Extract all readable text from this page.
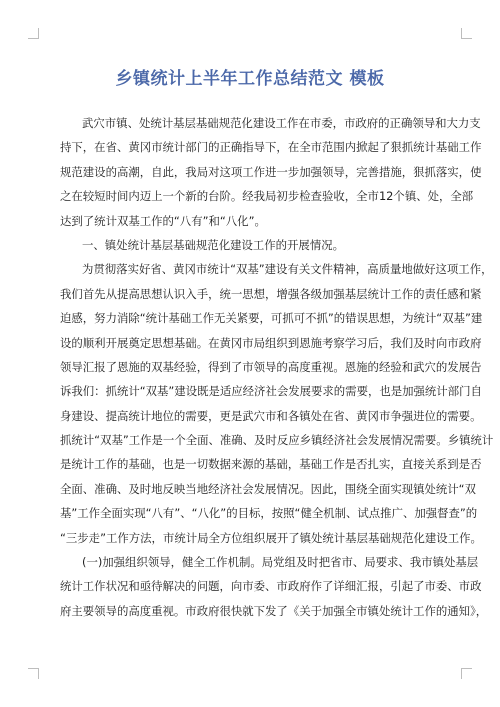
乡镇统计上半年工作总结范文 模板
武穴市镇、处统计基层基础规范化建设工作在市委，市政府的正确领导和大力支
持下，在省、黄冈市统计部门的正确指导下，在全市范围内掀起了狠抓统计基础工作
规范建设的高潮，自此，我局对这项工作进一步加强领导，完善措施，狠抓落实，使
之在较短时间内迈上一个新的台阶。经我局初步检查验收，全市12个镇、处，全部
达到了统计双基工作的“八有”和“八化”。
一、镇处统计基层基础规范化建设工作的开展情况。
为贯彻落实好省、黄冈市统计“双基”建设有关文件精神，高质量地做好这项工作，
我们首先从提高思想认识入手，统一思想，增强各级加强基层统计工作的责任感和紧
迫感，努力消除“统计基础工作无关紧要，可抓可不抓”的错误思想，为统计“双基”建
设的顺利开展奠定思想基础。在黄冈市局组织到恩施考察学习后，我们及时向市政府
领导汇报了恩施的双基经验，得到了市领导的高度重视。恩施的经验和武穴的发展告
诉我们：抓统计“双基”建设既是适应经济社会发展要求的需要，也是加强统计部门自
身建设、提高统计地位的需要，更是武穴市和各镇处在省、黄冈市争强进位的需要。
抓统计“双基”工作是一个全面、准确、及时反应乡镇经济社会发展情况需要。乡镇统计
是统计工作的基础，也是一切数据来源的基础，基础工作是否扎实，直接关系到是否
全面、准确、及时地反映当地经济社会发展情况。因此，围绕全面实现镇处统计“双
基”工作全面实现“八有”、“八化”的目标，按照“健全机制、试点推广、加强督查”的
“三步走”工作方法，市统计局全方位组织展开了镇处统计基层基础规范化建设工作。
(一)加强组织领导，健全工作机制。局党组及时把省市、局要求、我市镇处基层
统计工作状况和亟待解决的问题，向市委、市政府作了详细汇报，引起了市委、市政
府主要领导的高度重视。市政府很快就下发了《关于加强全市镇处统计工作的通知》，
